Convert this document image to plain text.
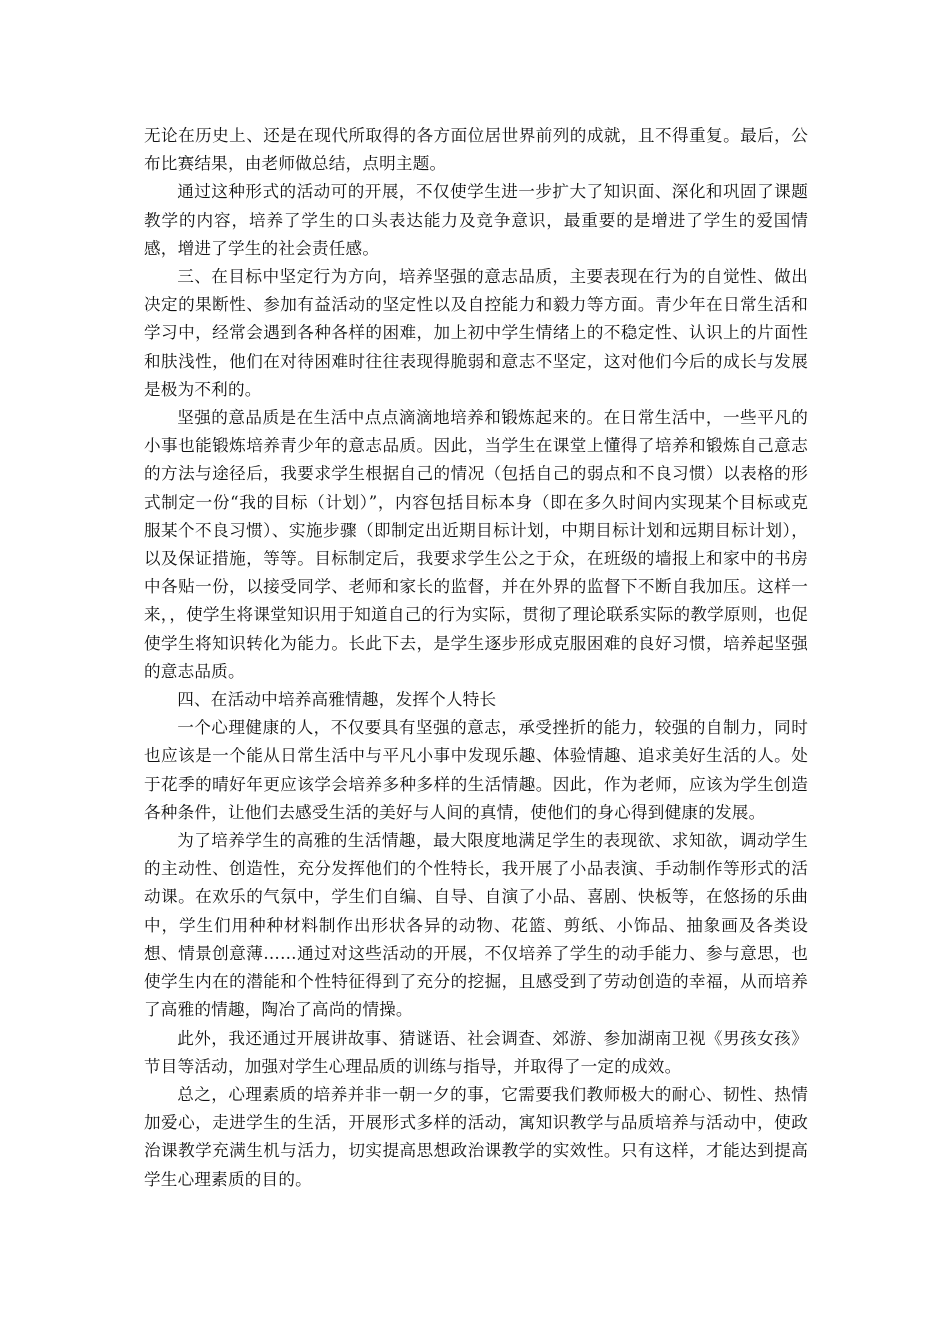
无论在历史上、还是在现代所取得的各方面位居世界前列的成就，且不得重复。最后，公布比赛结果，由老师做总结，点明主题。

通过这种形式的活动可的开展，不仅使学生进一步扩大了知识面、深化和巩固了课题教学的内容，培养了学生的口头表达能力及竞争意识，最重要的是增进了学生的爱国情感，增进了学生的社会责任感。

三、在目标中坚定行为方向，培养坚强的意志品质，主要表现在行为的自觉性、做出决定的果断性、参加有益活动的坚定性以及自控能力和毅力等方面。青少年在日常生活和学习中，经常会遇到各种各样的困难，加上初中学生情绪上的不稳定性、认识上的片面性和肤浅性，他们在对待困难时往往表现得脆弱和意志不坚定，这对他们今后的成长与发展是极为不利的。

坚强的意品质是在生活中点点滴滴地培养和锻炼起来的。在日常生活中，一些平凡的小事也能锻炼培养青少年的意志品质。因此，当学生在课堂上懂得了培养和锻炼自己意志的方法与途径后，我要求学生根据自己的情况（包括自己的弱点和不良习惯）以表格的形式制定一份“我的目标（计划）”，内容包括目标本身（即在多久时间内实现某个目标或克服某个不良习惯）、实施步骤（即制定出近期目标计划，中期目标计划和远期目标计划），以及保证措施，等等。目标制定后，我要求学生公之于众，在班级的墙报上和家中的书房中各贴一份，以接受同学、老师和家长的监督，并在外界的监督下不断自我加压。这样一来，，使学生将课堂知识用于知道自己的行为实际，贯彻了理论联系实际的教学原则，也促使学生将知识转化为能力。长此下去，是学生逐步形成克服困难的良好习惯，培养起坚强的意志品质。

四、在活动中培养高雅情趣，发挥个人特长

一个心理健康的人，不仅要具有坚强的意志，承受挫折的能力，较强的自制力，同时也应该是一个能从日常生活中与平凡小事中发现乐趣、体验情趣、追求美好生活的人。处于花季的晴好年更应该学会培养多种多样的生活情趣。因此，作为老师，应该为学生创造各种条件，让他们去感受生活的美好与人间的真情，使他们的身心得到健康的发展。

为了培养学生的高雅的生活情趣，最大限度地满足学生的表现欲、求知欲，调动学生的主动性、创造性，充分发挥他们的个性特长，我开展了小品表演、手动制作等形式的活动课。在欢乐的气氛中，学生们自编、自导、自演了小品、喜剧、快板等，在悠扬的乐曲中，学生们用种种材料制作出形状各异的动物、花篮、剪纸、小饰品、抽象画及各类设想、情景创意薄……通过对这些活动的开展，不仅培养了学生的动手能力、参与意思，也使学生内在的潜能和个性特征得到了充分的挖掘，且感受到了劳动创造的幸福，从而培养了高雅的情趣，陶冶了高尚的情操。

此外，我还通过开展讲故事、猜谜语、社会调查、郊游、参加湖南卫视《男孩女孩》节目等活动，加强对学生心理品质的训练与指导，并取得了一定的成效。

总之，心理素质的培养并非一朝一夕的事，它需要我们教师极大的耐心、韧性、热情加爱心，走进学生的生活，开展形式多样的活动，寓知识教学与品质培养与活动中，使政治课教学充满生机与活力，切实提高思想政治课教学的实效性。只有这样，才能达到提高学生心理素质的目的。
